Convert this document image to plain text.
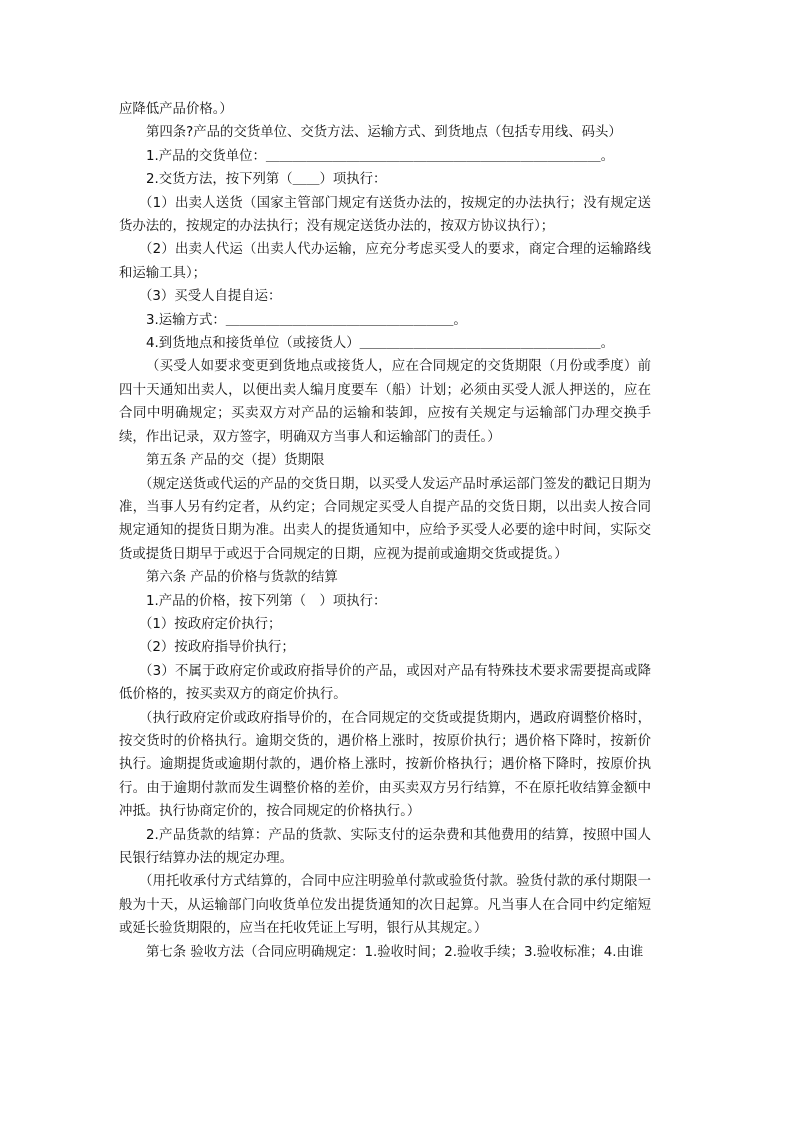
应降低产品价格。）

第四条?产品的交货单位、交货方法、运输方式、到货地点（包括专用线、码头）

1.产品的交货单位：＿＿＿＿＿＿＿＿＿＿＿＿＿＿＿＿＿＿＿＿＿＿＿＿＿。

2.交货方法，按下列第（＿＿）项执行：

（1）出卖人送货（国家主管部门规定有送货办法的，按规定的办法执行；没有规定送货办法的，按规定的办法执行；没有规定送货办法的，按双方协议执行）；

（2）出卖人代运（出卖人代办运输，应充分考虑买受人的要求，商定合理的运输路线和运输工具）；

（3）买受人自提自运：

3.运输方式：＿＿＿＿＿＿＿＿＿＿＿＿＿＿＿＿＿。

4.到货地点和接货单位（或接货人）＿＿＿＿＿＿＿＿＿＿＿＿＿＿＿＿＿＿。

（买受人如要求变更到货地点或接货人，应在合同规定的交货期限（月份或季度）前四十天通知出卖人，以便出卖人编月度要车（船）计划；必须由买受人派人押送的，应在合同中明确规定；买卖双方对产品的运输和装卸，应按有关规定与运输部门办理交换手续，作出记录，双方签字，明确双方当事人和运输部门的责任。）

第五条 产品的交（提）货期限

（规定送货或代运的产品的交货日期，以买受人发运产品时承运部门签发的戳记日期为准，当事人另有约定者，从约定；合同规定买受人自提产品的交货日期，以出卖人按合同规定通知的提货日期为准。出卖人的提货通知中，应给予买受人必要的途中时间，实际交货或提货日期早于或迟于合同规定的日期，应视为提前或逾期交货或提货。）

第六条 产品的价格与货款的结算

1.产品的价格，按下列第（　）项执行：

（1）按政府定价执行；

（2）按政府指导价执行；

（3）不属于政府定价或政府指导价的产品，或因对产品有特殊技术要求需要提高或降低价格的，按买卖双方的商定价执行。

（执行政府定价或政府指导价的，在合同规定的交货或提货期内，遇政府调整价格时，按交货时的价格执行。逾期交货的，遇价格上涨时，按原价执行；遇价格下降时，按新价执行。逾期提货或逾期付款的，遇价格上涨时，按新价格执行；遇价格下降时，按原价执行。由于逾期付款而发生调整价格的差价，由买卖双方另行结算，不在原托收结算金额中冲抵。执行协商定价的，按合同规定的价格执行。）

2.产品货款的结算：产品的货款、实际支付的运杂费和其他费用的结算，按照中国人民银行结算办法的规定办理。

（用托收承付方式结算的，合同中应注明验单付款或验货付款。验货付款的承付期限一般为十天，从运输部门向收货单位发出提货通知的次日起算。凡当事人在合同中约定缩短或延长验货期限的，应当在托收凭证上写明，银行从其规定。）

第七条 验收方法（合同应明确规定：1.验收时间；2.验收手续；3.验收标准；4.由谁
